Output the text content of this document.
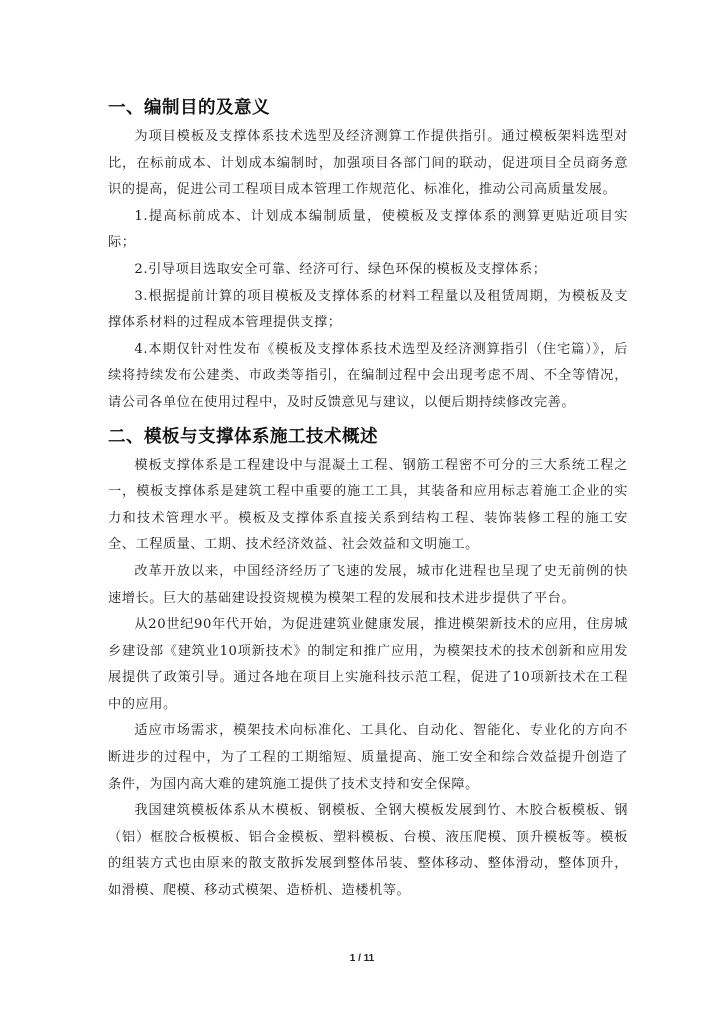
一、编制目的及意义

为项目模板及支撑体系技术选型及经济测算工作提供指引。通过模板架料选型对比，在标前成本、计划成本编制时，加强项目各部门间的联动，促进项目全员商务意识的提高，促进公司工程项目成本管理工作规范化、标准化，推动公司高质量发展。

1.提高标前成本、计划成本编制质量，使模板及支撑体系的测算更贴近项目实际；

2.引导项目选取安全可靠、经济可行、绿色环保的模板及支撑体系；

3.根据提前计算的项目模板及支撑体系的材料工程量以及租赁周期，为模板及支撑体系材料的过程成本管理提供支撑；

4.本期仅针对性发布《模板及支撑体系技术选型及经济测算指引（住宅篇）》，后续将持续发布公建类、市政类等指引，在编制过程中会出现考虑不周、不全等情况，请公司各单位在使用过程中，及时反馈意见与建议，以便后期持续修改完善。

二、模板与支撑体系施工技术概述

模板支撑体系是工程建设中与混凝土工程、钢筋工程密不可分的三大系统工程之一，模板支撑体系是建筑工程中重要的施工工具，其装备和应用标志着施工企业的实力和技术管理水平。模板及支撑体系直接关系到结构工程、装饰装修工程的施工安全、工程质量、工期、技术经济效益、社会效益和文明施工。

改革开放以来，中国经济经历了飞速的发展，城市化进程也呈现了史无前例的快速增长。巨大的基础建设投资规模为模架工程的发展和技术进步提供了平台。

从20世纪90年代开始，为促进建筑业健康发展，推进模架新技术的应用，住房城乡建设部《建筑业10项新技术》的制定和推广应用，为模架技术的技术创新和应用发展提供了政策引导。通过各地在项目上实施科技示范工程，促进了10项新技术在工程中的应用。

适应市场需求，模架技术向标准化、工具化、自动化、智能化、专业化的方向不断进步的过程中，为了工程的工期缩短、质量提高、施工安全和综合效益提升创造了条件，为国内高大难的建筑施工提供了技术支持和安全保障。

我国建筑模板体系从木模板、钢模板、全钢大模板发展到竹、木胶合板模板、钢（铝）框胶合板模板、铝合金模板、塑料模板、台模、液压爬模、顶升模板等。模板的组装方式也由原来的散支散拆发展到整体吊装、整体移动、整体滑动，整体顶升，如滑模、爬模、移动式模架、造桥机、造楼机等。

1 / 11
